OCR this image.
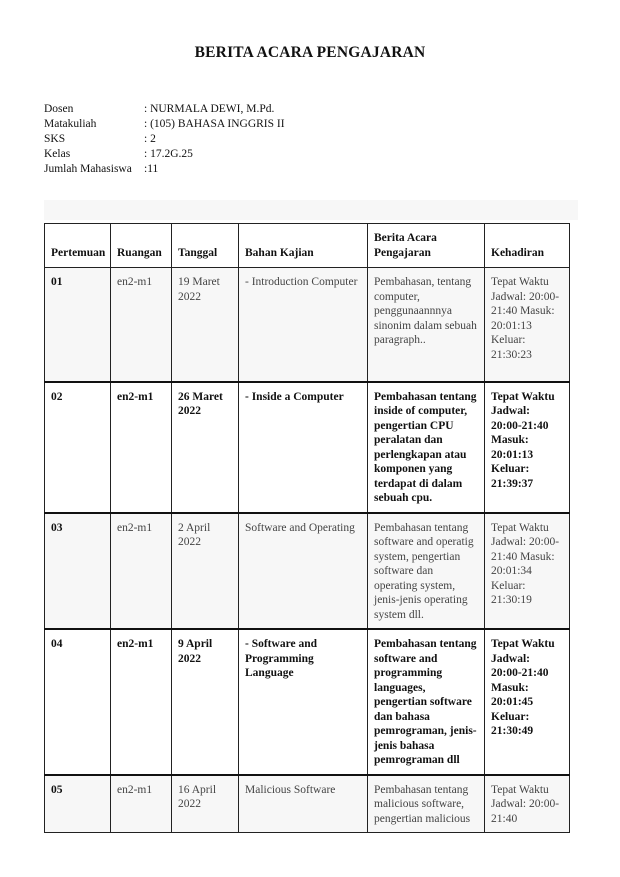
BERITA ACARA PENGAJARAN
Dosen	: NURMALA DEWI, M.Pd.
Matakuliah	: (105) BAHASA INGGRIS II
SKS	: 2
Kelas	: 17.2G.25
Jumlah Mahasiswa	:11
Pertemuan	Ruangan	Tanggal	Bahan Kajian	Berita Acara Pengajaran	Kehadiran
01	en2-m1	19 Maret 2022	- Introduction Computer	Pembahasan, tentang computer, penggunaannnya sinonim dalam sebuah paragraph..	Tepat Waktu Jadwal: 20:00-21:40 Masuk: 20:01:13 Keluar: 21:30:23
02	en2-m1	26 Maret 2022	- Inside a Computer	Pembahasan tentang inside of computer, pengertian CPU peralatan dan perlengkapan atau komponen yang terdapat di dalam sebuah cpu.	Tepat Waktu Jadwal: 20:00-21:40 Masuk: 20:01:13 Keluar: 21:39:37
03	en2-m1	2 April 2022	Software and Operating	Pembahasan tentang software and operatig system, pengertian software dan operating system, jenis-jenis operating system dll.	Tepat Waktu Jadwal: 20:00-21:40 Masuk: 20:01:34 Keluar: 21:30:19
04	en2-m1	9 April 2022	- Software and Programming Language	Pembahasan tentang software and programming languages, pengertian software dan bahasa pemrograman, jenis-jenis bahasa pemrograman dll	Tepat Waktu Jadwal: 20:00-21:40 Masuk: 20:01:45 Keluar: 21:30:49
05	en2-m1	16 April 2022	Malicious Software	Pembahasan tentang malicious software, pengertian malicious	Tepat Waktu Jadwal: 20:00-21:40
